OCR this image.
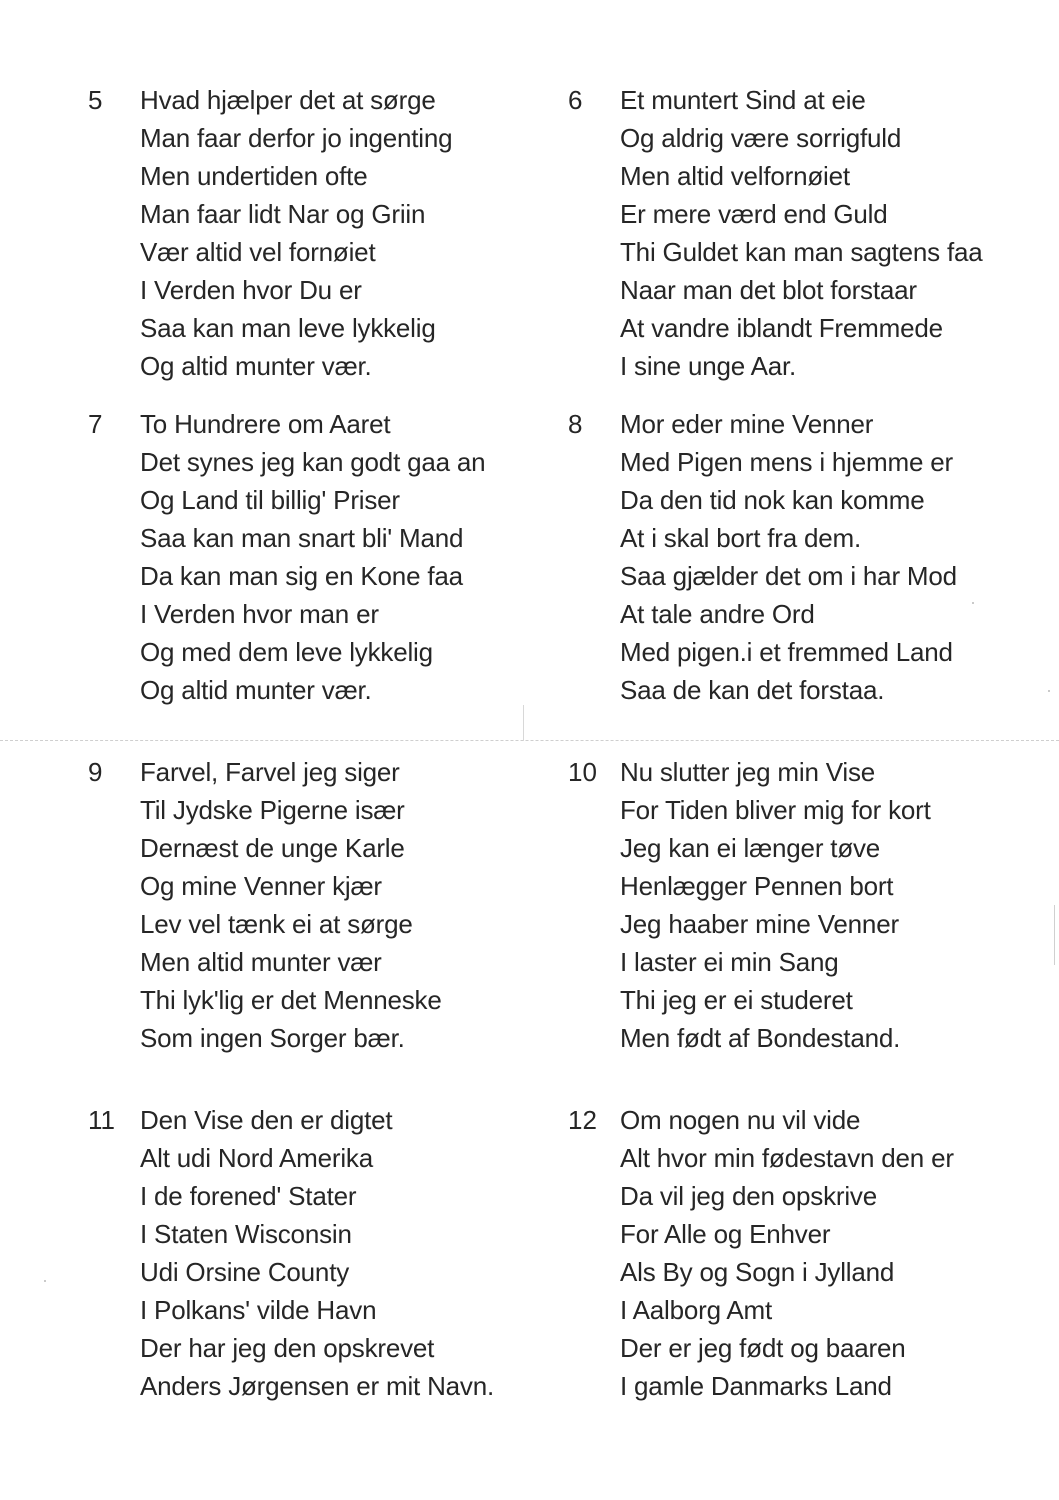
5 Hvad hjælper det at sørge
Man faar derfor jo ingenting
Men undertiden ofte
Man faar lidt Nar og Griin
Vær altid vel fornøiet
I Verden hvor Du er
Saa kan man leve lykkelig
Og altid munter vær.
6 Et muntert Sind at eie
Og aldrig være sorrigfuld
Men altid velfornøiet
Er mere værd end Guld
Thi Guldet kan man sagtens faa
Naar man det blot forstaar
At vandre iblandt Fremmede
I sine unge Aar.
7 To Hundrere om Aaret
Det synes jeg kan godt gaa an
Og Land til billig' Priser
Saa kan man snart bli' Mand
Da kan man sig en Kone faa
I Verden hvor man er
Og med dem leve lykkelig
Og altid munter vær.
8 Mor eder mine Venner
Med Pigen mens i hjemme er
Da den tid nok kan komme
At i skal bort fra dem.
Saa gjælder det om i har Mod
At tale andre Ord
Med pigen.i et fremmed Land
Saa de kan det forstaa.
9 Farvel, Farvel jeg siger
Til Jydske Pigerne især
Dernæst de unge Karle
Og mine Venner kjær
Lev vel tænk ei at sørge
Men altid munter vær
Thi lyk'lig er det Menneske
Som ingen Sorger bær.
10 Nu slutter jeg min Vise
For Tiden bliver mig for kort
Jeg kan ei længer tøve
Henlægger Pennen bort
Jeg haaber mine Venner
I laster ei min Sang
Thi jeg er ei studeret
Men født af Bondestand.
11 Den Vise den er digtet
Alt udi Nord Amerika
I de forened' Stater
I Staten Wisconsin
Udi Orsine County
I Polkans' vilde Havn
Der har jeg den opskrevet
Anders Jørgensen er mit Navn.
12 Om nogen nu vil vide
Alt hvor min fødestavn den er
Da vil jeg den opskrive
For Alle og Enhver
Als By og Sogn i Jylland
I Aalborg Amt
Der er jeg født og baaren
I gamle Danmarks Land
